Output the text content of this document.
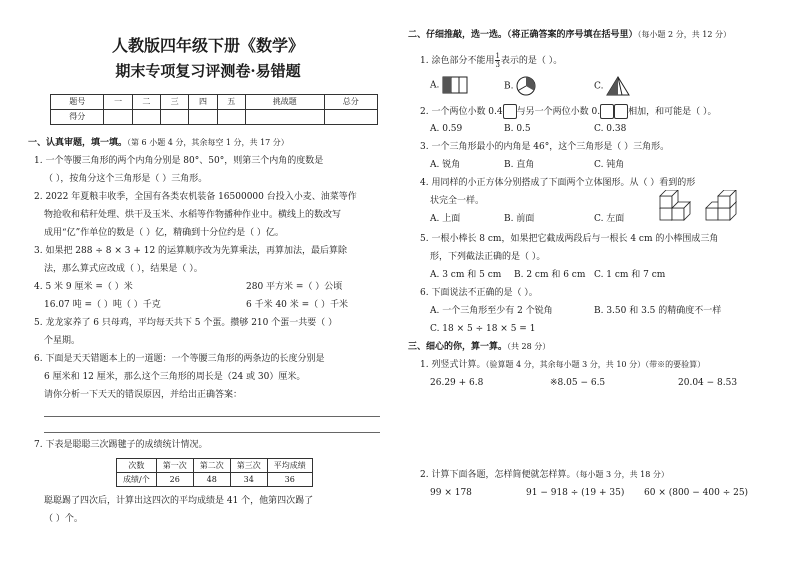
人教版四年级下册《数学》
期末专项复习评测卷·易错题
题号	一	二	三	四	五	挑战题	总分
得分							
一、认真审题，填一填。（第 6 小题 4 分，其余每空 1 分，共 17 分）
1. 一个等腰三角形的两个内角分别是 80°、50°，则第三个内角的度数是
（ ），按角分这个三角形是（ ）三角形。
2. 2022 年夏粮丰收季，全国有各类农机装备 16500000 台投入小麦、油菜等作
物抢收和秸秆处理、烘干及玉米、水稻等作物播种作业中。横线上的数改写
成用“亿”作单位的数是（ ）亿，精确到十分位约是（ ）亿。
3. 如果把 288 ÷ 8 × 3 + 12 的运算顺序改为先算乘法，再算加法，最后算除
法，那么算式应改成（ ），结果是（ ）。
4. 5 米 9 厘米 =（ ）米	280 平方米 =（ ）公顷
16.07 吨 =（ ）吨（ ）千克	6 千米 40 米 =（ ）千米
5. 龙龙家养了 6 只母鸡，平均每天共下 5 个蛋。攒够 210 个蛋一共要（ ）
个星期。
6. 下面是天天错题本上的一道题：一个等腰三角形的两条边的长度分别是
6 厘米和 12 厘米，那么这个三角形的周长是（24 或 30）厘米。
请你分析一下天天的错误原因，并给出正确答案：
7. 下表是聪聪三次踢毽子的成绩统计情况。
次数	第一次	第二次	第三次	平均成绩
成绩/个	26	48	34	36
聪聪踢了四次后，计算出这四次的平均成绩是 41 个，他第四次踢了
（ ）个。
二、仔细推敲，选一选。（将正确答案的序号填在括号里）（每小题 2 分，共 12 分）
1. 涂色部分不能用 $\frac{1}{3}$ 表示的是（ ）。
A.	B.	C.
2. 一个两位小数 0.4 与另一个两位小数 0.	相加，和可能是（ ）。
A. 0.59	B. 0.5	C. 0.38
3. 一个三角形最小的内角是 46°，这个三角形是（ ）三角形。
A. 锐角	B. 直角	C. 钝角
4. 用同样的小正方体分别搭成了下面两个立体图形。从（ ）看到的形
状完全一样。
A. 上面	B. 前面	C. 左面
5. 一根小棒长 8 cm，如果把它截成两段后与一根长 4 cm 的小棒围成三角
形，下列截法正确的是（ ）。
A. 3 cm 和 5 cm B. 2 cm 和 6 cm C. 1 cm 和 7 cm
6. 下面说法不正确的是（ ）。
A. 一个三角形至少有 2 个锐角	B. 3.50 和 3.5 的精确度不一样
C. 18 × 5 ÷ 18 × 5 = 1
三、细心的你，算一算。（共 28 分）
1. 列竖式计算。（验算题 4 分，其余每小题 3 分，共 10 分）（带※的要验算）
26.29 + 6.8	※8.05 − 6.5	20.04 − 8.53
2. 计算下面各题，怎样简便就怎样算。（每小题 3 分，共 18 分）
99 × 178	91 − 918 ÷ (19 + 35) 60 × (800 − 400 ÷ 25)
